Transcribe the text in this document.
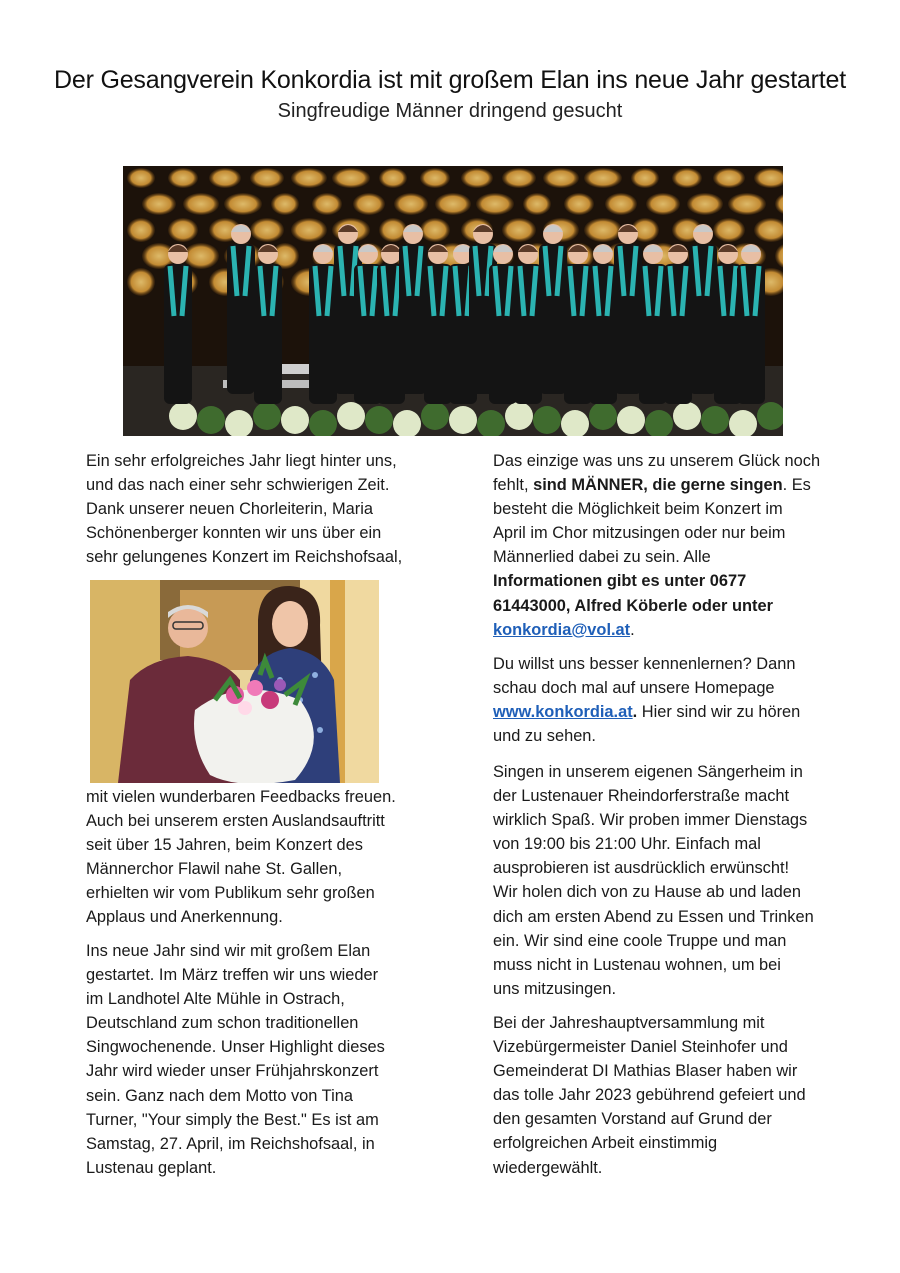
Der Gesangverein Konkordia ist mit großem Elan ins neue Jahr gestartet
Singfreudige Männer dringend gesucht

Ein sehr erfolgreiches Jahr liegt hinter uns,
und das nach einer sehr schwierigen Zeit.
Dank unserer neuen Chorleiterin, Maria
Schönenberger konnten wir uns über ein
sehr gelungenes Konzert im Reichshofsaal,

mit vielen wunderbaren Feedbacks freuen.
Auch bei unserem ersten Auslandsauftritt
seit über 15 Jahren, beim Konzert des
Männerchor Flawil nahe St. Gallen,
erhielten wir vom Publikum sehr großen
Applaus und Anerkennung.

Ins neue Jahr sind wir mit großem Elan
gestartet. Im März treffen wir uns wieder
im Landhotel Alte Mühle in Ostrach,
Deutschland zum schon traditionellen
Singwochenende. Unser Highlight dieses
Jahr wird wieder unser Frühjahrskonzert
sein. Ganz nach dem Motto von Tina
Turner, "Your simply the Best." Es ist am
Samstag, 27. April, im Reichshofsaal, in
Lustenau geplant.

Das einzige was uns zu unserem Glück noch
fehlt, sind MÄNNER, die gerne singen. Es
besteht die Möglichkeit beim Konzert im
April im Chor mitzusingen oder nur beim
Männerlied dabei zu sein. Alle
Informationen gibt es unter 0677
61443000, Alfred Köberle oder unter
konkordia@vol.at.

Du willst uns besser kennenlernen? Dann
schau doch mal auf unsere Homepage
www.konkordia.at. Hier sind wir zu hören
und zu sehen.

Singen in unserem eigenen Sängerheim in
der Lustenauer Rheindorferstraße macht
wirklich Spaß. Wir proben immer Dienstags
von 19:00 bis 21:00 Uhr. Einfach mal
ausprobieren ist ausdrücklich erwünscht!
Wir holen dich von zu Hause ab und laden
dich am ersten Abend zu Essen und Trinken
ein. Wir sind eine coole Truppe und man
muss nicht in Lustenau wohnen, um bei
uns mitzusingen.

Bei der Jahreshauptversammlung mit
Vizebürgermeister Daniel Steinhofer und
Gemeinderat DI Mathias Blaser haben wir
das tolle Jahr 2023 gebührend gefeiert und
den gesamten Vorstand auf Grund der
erfolgreichen Arbeit einstimmig
wiedergewählt.
